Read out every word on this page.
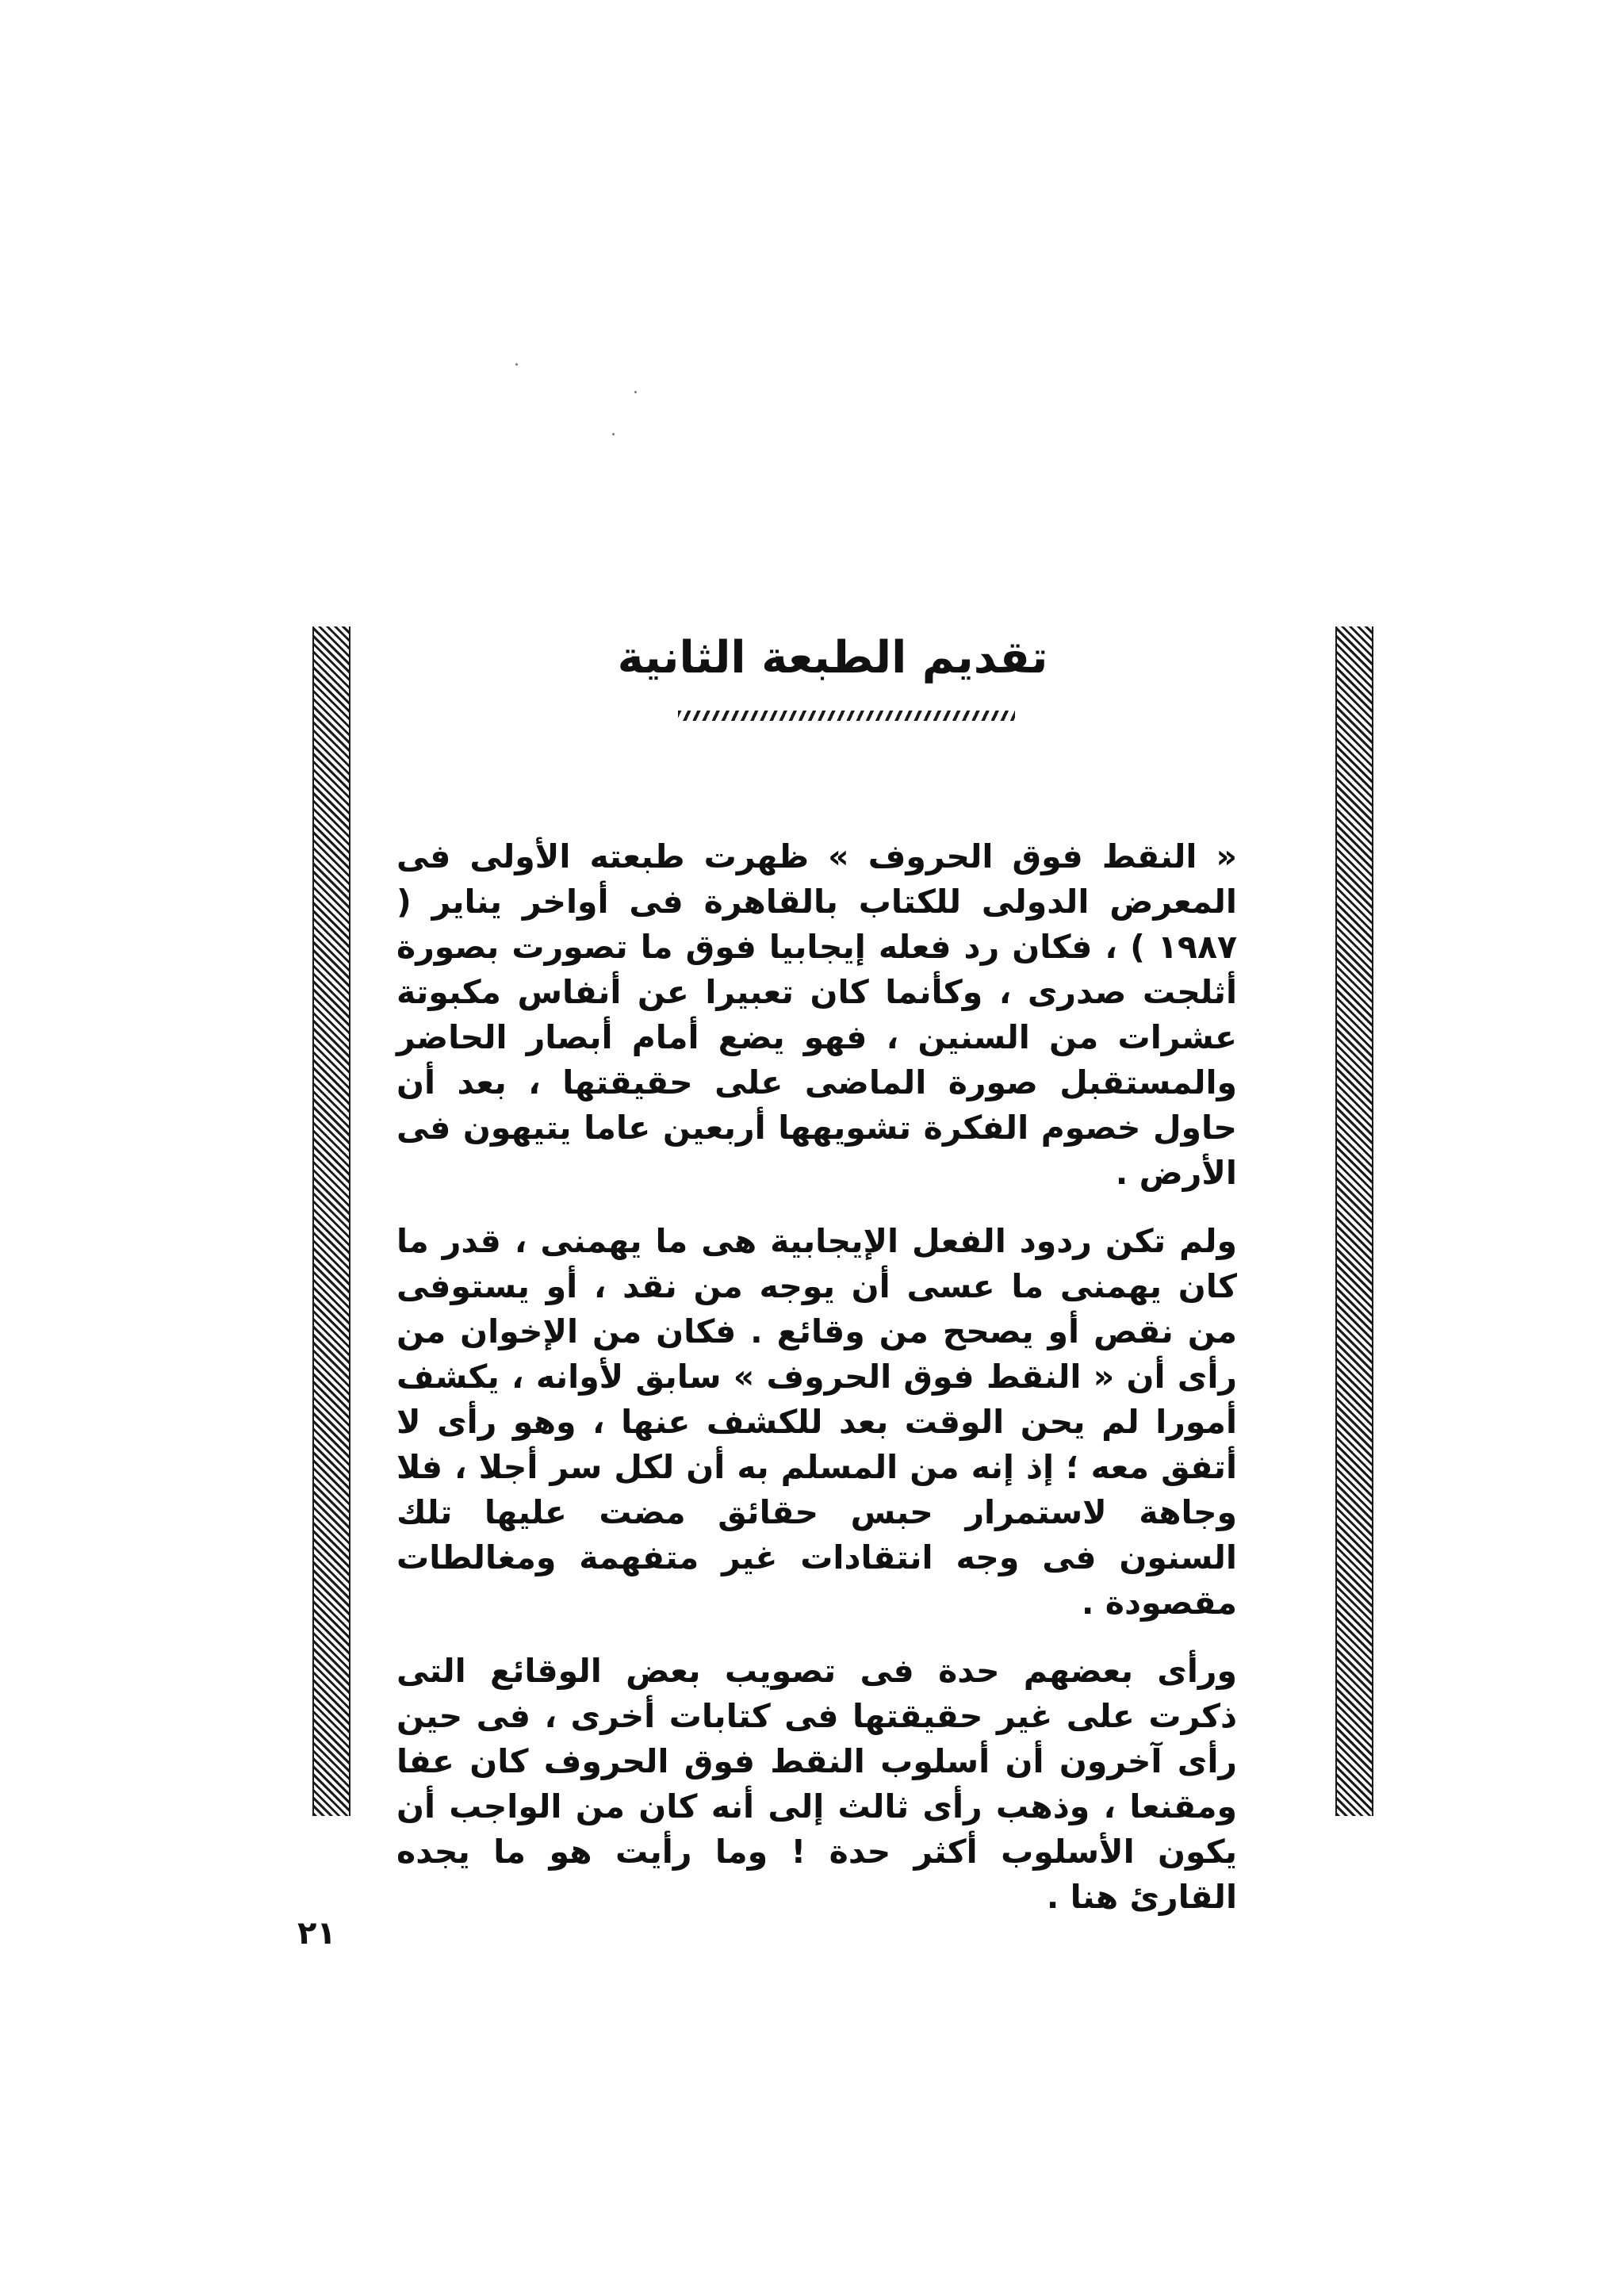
تقديم الطبعة الثانية

« النقط فوق الحروف » ظهرت طبعته الأولى فى المعرض الدولى للكتاب بالقاهرة فى أواخر يناير ( ١٩٨٧ ) ، فكان رد فعله إيجابيا فوق ما تصورت بصورة أثلجت صدرى ، وكأنما كان تعبيرا عن أنفاس مكبوتة عشرات من السنين ، فهو يضع أمام أبصار الحاضر والمستقبل صورة الماضى على حقيقتها ، بعد أن حاول خصوم الفكرة تشويهها أربعين عاما يتيهون فى الأرض .

ولم تكن ردود الفعل الإيجابية هى ما يهمنى ، قدر ما كان يهمنى ما عسى أن يوجه من نقد ، أو يستوفى من نقص أو يصحح من وقائع . فكان من الإخوان من رأى أن « النقط فوق الحروف » سابق لأوانه ، يكشف أمورا لم يحن الوقت بعد للكشف عنها ، وهو رأى لا أتفق معه ؛ إذ إنه من المسلم به أن لكل سر أجلا ، فلا وجاهة لاستمرار حبس حقائق مضت عليها تلك السنون فى وجه انتقادات غير متفهمة ومغالطات مقصودة .

ورأى بعضهم حدة فى تصويب بعض الوقائع التى ذكرت على غير حقيقتها فى كتابات أخرى ، فى حين رأى آخرون أن أسلوب النقط فوق الحروف كان عفا ومقنعا ، وذهب رأى ثالث إلى أنه كان من الواجب أن يكون الأسلوب أكثر حدة ! وما رأيت هو ما يجده القارئ هنا .

٢١
